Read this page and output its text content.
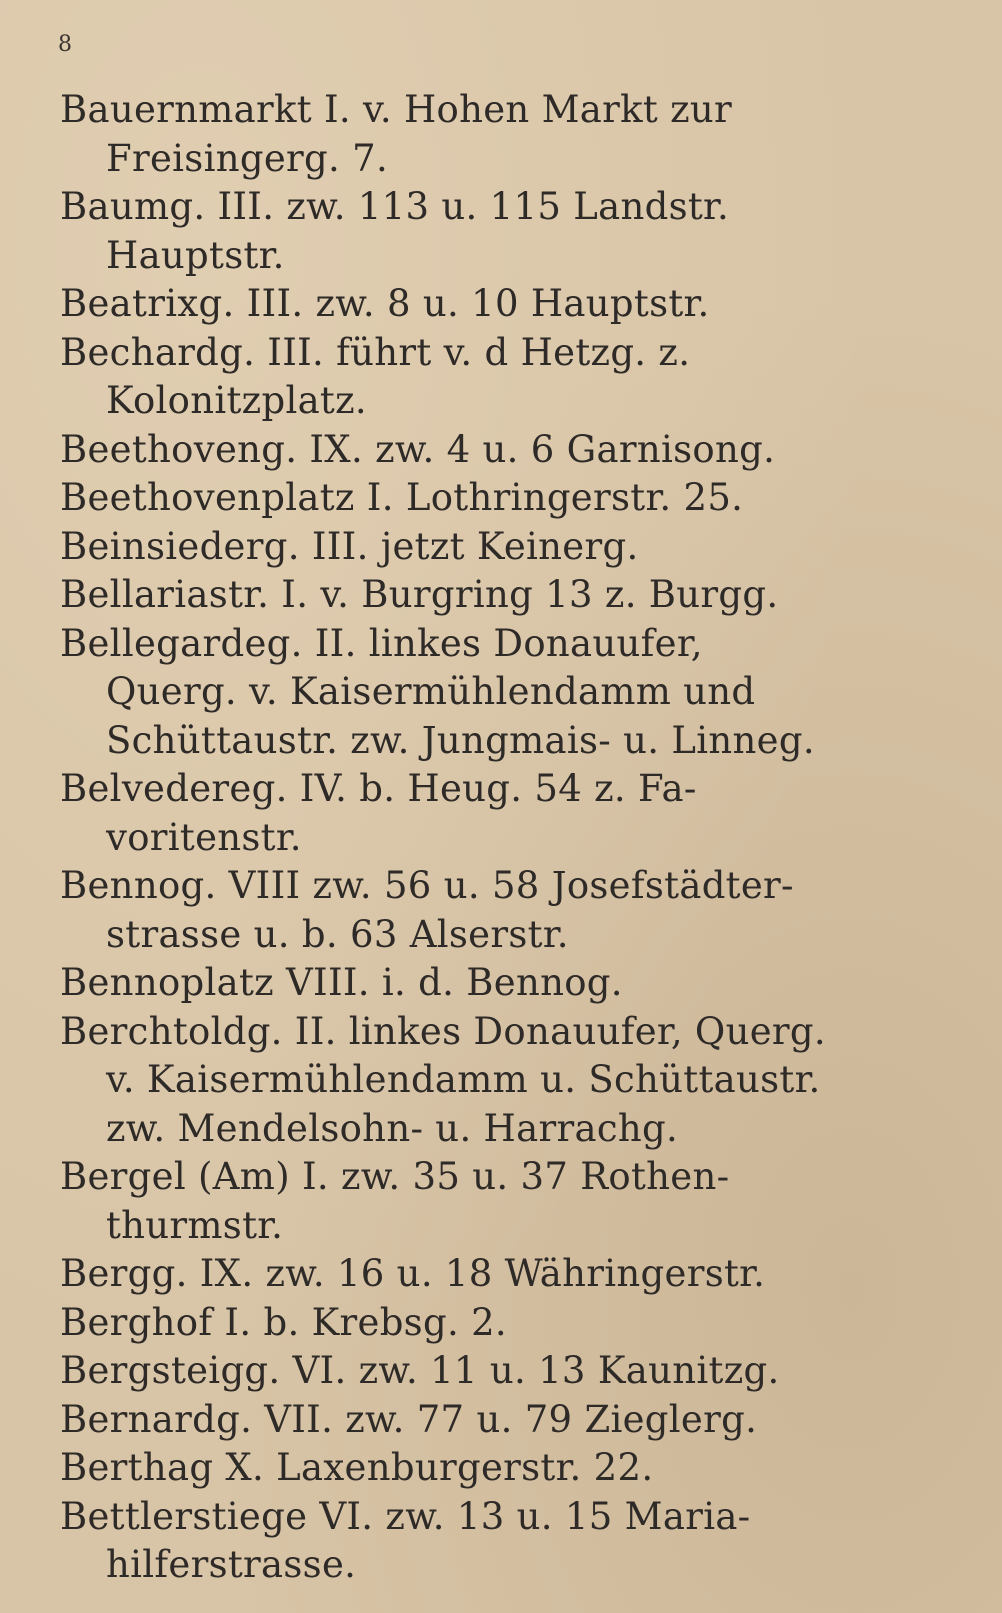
8
Bauernmarkt I. v. Hohen Markt zur
Freisingerg. 7.
Baumg. III. zw. 113 u. 115 Landstr.
Hauptstr.
Beatrixg. III. zw. 8 u. 10 Hauptstr.
Bechardg. III. führt v. d Hetzg. z.
Kolonitzplatz.
Beethoveng. IX. zw. 4 u. 6 Garnisong.
Beethovenplatz I. Lothringerstr. 25.
Beinsiederg. III. jetzt Keinerg.
Bellariastr. I. v. Burgring 13 z. Burgg.
Bellegardeg. II. linkes Donauufer,
Querg. v. Kaisermühlendamm und
Schüttaustr. zw. Jungmais- u. Linneg.
Belvedereg. IV. b. Heug. 54 z. Fa-
voritenstr.
Bennog. VIII zw. 56 u. 58 Josefstädter-
strasse u. b. 63 Alserstr.
Bennoplatz VIII. i. d. Bennog.
Berchtoldg. II. linkes Donauufer, Querg.
v. Kaisermühlendamm u. Schüttaustr.
zw. Mendelsohn- u. Harrachg.
Bergel (Am) I. zw. 35 u. 37 Rothen-
thurmstr.
Bergg. IX. zw. 16 u. 18 Währingerstr.
Berghof I. b. Krebsg. 2.
Bergsteigg. VI. zw. 11 u. 13 Kaunitzg.
Bernardg. VII. zw. 77 u. 79 Zieglerg.
Berthag X. Laxenburgerstr. 22.
Bettlerstiege VI. zw. 13 u. 15 Maria-
hilferstrasse.
